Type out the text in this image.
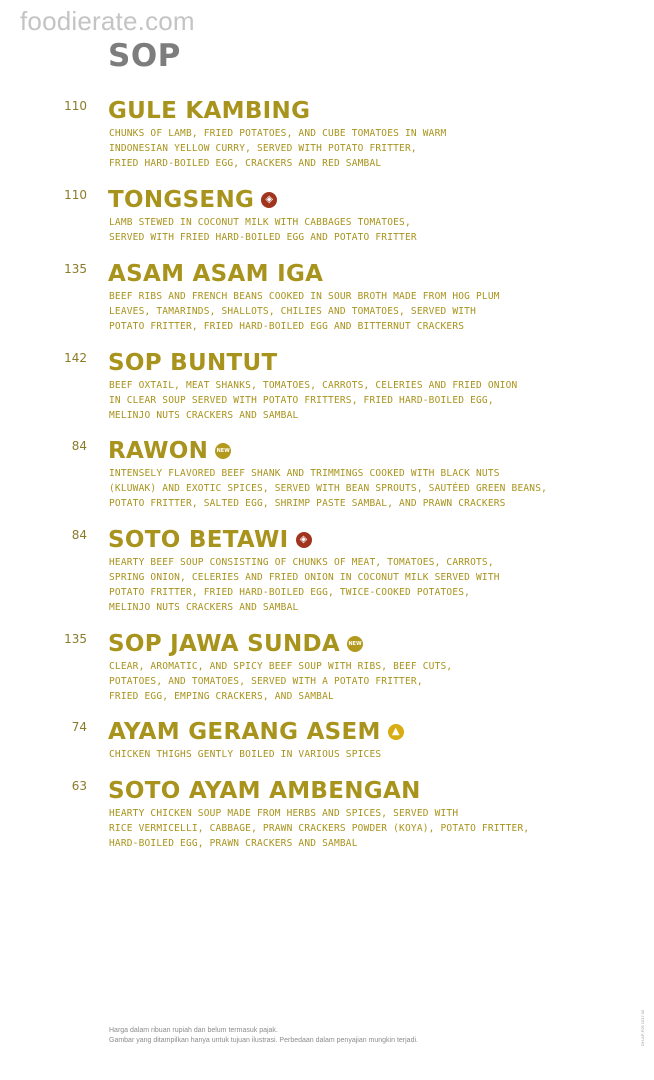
foodierate.com
SOP
110 GULE KAMBING
CHUNKS OF LAMB, FRIED POTATOES, AND CUBE TOMATOES IN WARM
INDONESIAN YELLOW CURRY, SERVED WITH POTATO FRITTER,
FRIED HARD-BOILED EGG, CRACKERS AND RED SAMBAL
110 TONGSENG	◈
LAMB STEWED IN COCONUT MILK WITH CABBAGES TOMATOES,
SERVED WITH FRIED HARD-BOILED EGG AND POTATO FRITTER
135 ASAM ASAM IGA
BEEF RIBS AND FRENCH BEANS COOKED IN SOUR BROTH MADE FROM HOG PLUM
LEAVES, TAMARINDS, SHALLOTS, CHILIES AND TOMATOES, SERVED WITH
POTATO FRITTER, FRIED HARD-BOILED EGG AND BITTERNUT CRACKERS
142 SOP BUNTUT
BEEF OXTAIL, MEAT SHANKS, TOMATOES, CARROTS, CELERIES AND FRIED ONION
IN CLEAR SOUP SERVED WITH POTATO FRITTERS, FRIED HARD-BOILED EGG,
MELINJO NUTS CRACKERS AND SAMBAL
84 RAWON NEW
INTENSELY FLAVORED BEEF SHANK AND TRIMMINGS COOKED WITH BLACK NUTS
(KLUWAK) AND EXOTIC SPICES, SERVED WITH BEAN SPROUTS, SAUTÉED GREEN BEANS,
POTATO FRITTER, SALTED EGG, SHRIMP PASTE SAMBAL, AND PRAWN CRACKERS
84 SOTO BETAWI	◈
HEARTY BEEF SOUP CONSISTING OF CHUNKS OF MEAT, TOMATOES, CARROTS,
SPRING ONION, CELERIES AND FRIED ONION IN COCONUT MILK SERVED WITH
POTATO FRITTER, FRIED HARD-BOILED EGG, TWICE-COOKED POTATOES,
MELINJO NUTS CRACKERS AND SAMBAL
135 SOP JAWA SUNDA NEW
CLEAR, AROMATIC, AND SPICY BEEF SOUP WITH RIBS, BEEF CUTS,
POTATOES, AND TOMATOES, SERVED WITH A POTATO FRITTER,
FRIED EGG, EMPING CRACKERS, AND SAMBAL
74 AYAM GERANG ASEM	▲
CHICKEN THIGHS GENTLY BOILED IN VARIOUS SPICES
63 SOTO AYAM AMBENGAN
HEARTY CHICKEN SOUP MADE FROM HERBS AND SPICES, SERVED WITH
RICE VERMICELLI, CABBAGE, PRAWN CRACKERS POWDER (KOYA), POTATO FRITTER,
HARD-BOILED EGG, PRAWN CRACKERS AND SAMBAL
Harga dalam ribuan rupiah dan belum termasuk pajak.
Gambar yang ditampilkan hanya untuk tujuan ilustrasi. Perbedaan dalam penyajian mungkin terjadi.	DH-AP-F05 1017.05
